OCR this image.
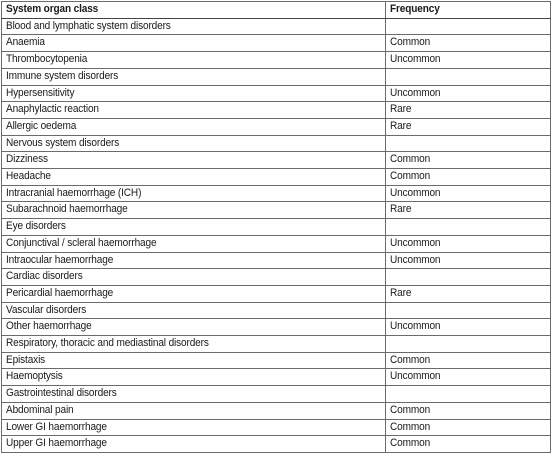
System organ class	Frequency
Blood and lymphatic system disorders	
Anaemia	Common
Thrombocytopenia	Uncommon
Immune system disorders	
Hypersensitivity	Uncommon
Anaphylactic reaction	Rare
Allergic oedema	Rare
Nervous system disorders	
Dizziness	Common
Headache	Common
Intracranial haemorrhage (ICH)	Uncommon
Subarachnoid haemorrhage	Rare
Eye disorders	
Conjunctival / scleral haemorrhage	Uncommon
Intraocular haemorrhage	Uncommon
Cardiac disorders	
Pericardial haemorrhage	Rare
Vascular disorders	
Other haemorrhage	Uncommon
Respiratory, thoracic and mediastinal disorders	
Epistaxis	Common
Haemoptysis	Uncommon
Gastrointestinal disorders	
Abdominal pain	Common
Lower GI haemorrhage	Common
Upper GI haemorrhage	Common
